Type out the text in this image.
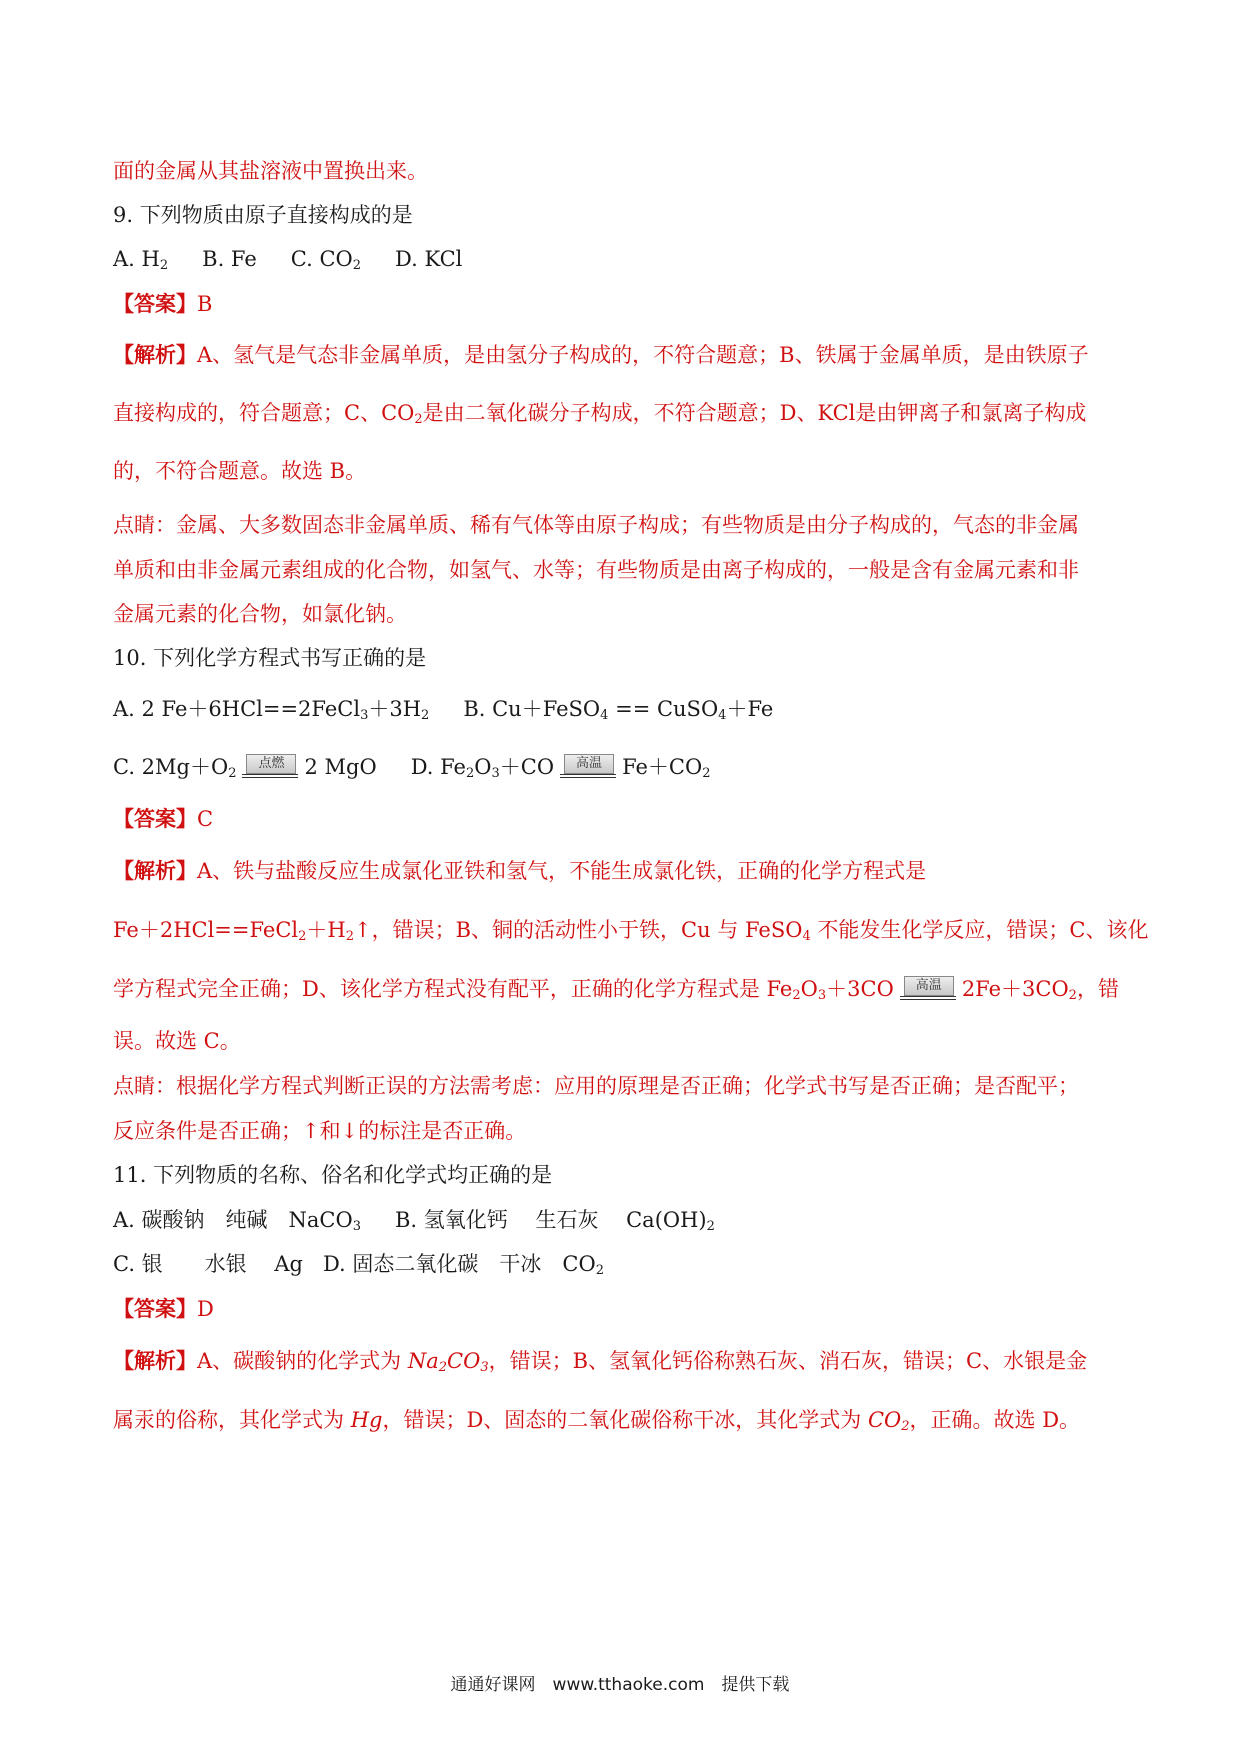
面的金属从其盐溶液中置换出来。
9. 下列物质由原子直接构成的是
A. $H_2$ B. Fe C. $CO_2$ D. KCl
【答案】B
【解析】A、氢气是气态非金属单质，是由氢分子构成的，不符合题意；B、铁属于金属单质，是由铁原子
直接构成的，符合题意；C、$CO_2$是由二氧化碳分子构成，不符合题意；D、KCl是由钾离子和氯离子构成
的，不符合题意。故选 B。
点睛：金属、大多数固态非金属单质、稀有气体等由原子构成；有些物质是由分子构成的，气态的非金属
单质和由非金属元素组成的化合物，如氢气、水等；有些物质是由离子构成的，一般是含有金属元素和非
金属元素的化合物，如氯化钠。
10. 下列化学方程式书写正确的是
A. 2 $Fe+6HCl==2FeCl_3+3H_2$ B. Cu＋FeSO$_4$ == CuSO$_4$＋Fe
C. $2Mg+O_2$
点燃 2 MgO D. $Fe_2O_3+CO$	高温 $Fe+CO_2$
【答案】C
【解析】A、铁与盐酸反应生成氯化亚铁和氢气，不能生成氯化铁，正确的化学方程式是
$Fe+2HCl==FeCl_2+H_2↑$，错误；B、铜的活动性小于铁，Cu 与 FeSO$_4$ 不能发生化学反应，错误；C、该化
学方程式完全正确；D、该化学方程式没有配平，正确的化学方程式是 $Fe_2O_3+3CO$	高温 $2Fe+3CO_2$，错
误。故选 C。
点睛：根据化学方程式判断正误的方法需考虑：应用的原理是否正确；化学式书写是否正确；是否配平；
反应条件是否正确；↑和↓的标注是否正确。
11. 下列物质的名称、俗名和化学式均正确的是
A. 碳酸钠　纯碱　NaCO$_3$ B. 氢氧化钙　 生石灰　 $Ca(OH)_2$
C. 银　　水银　 Ag D. 固态二氧化碳　干冰　$CO_2$
【答案】D
【解析】A、碳酸钠的化学式为 $Na_2CO_3$，错误；B、氢氧化钙俗称熟石灰、消石灰，错误；C、水银是金
属汞的俗称，其化学式为 Hg，错误；D、固态的二氧化碳俗称干冰，其化学式为 $CO_2$，正确。故选 D。
通通好课网　www.tthaoke.com　提供下载
